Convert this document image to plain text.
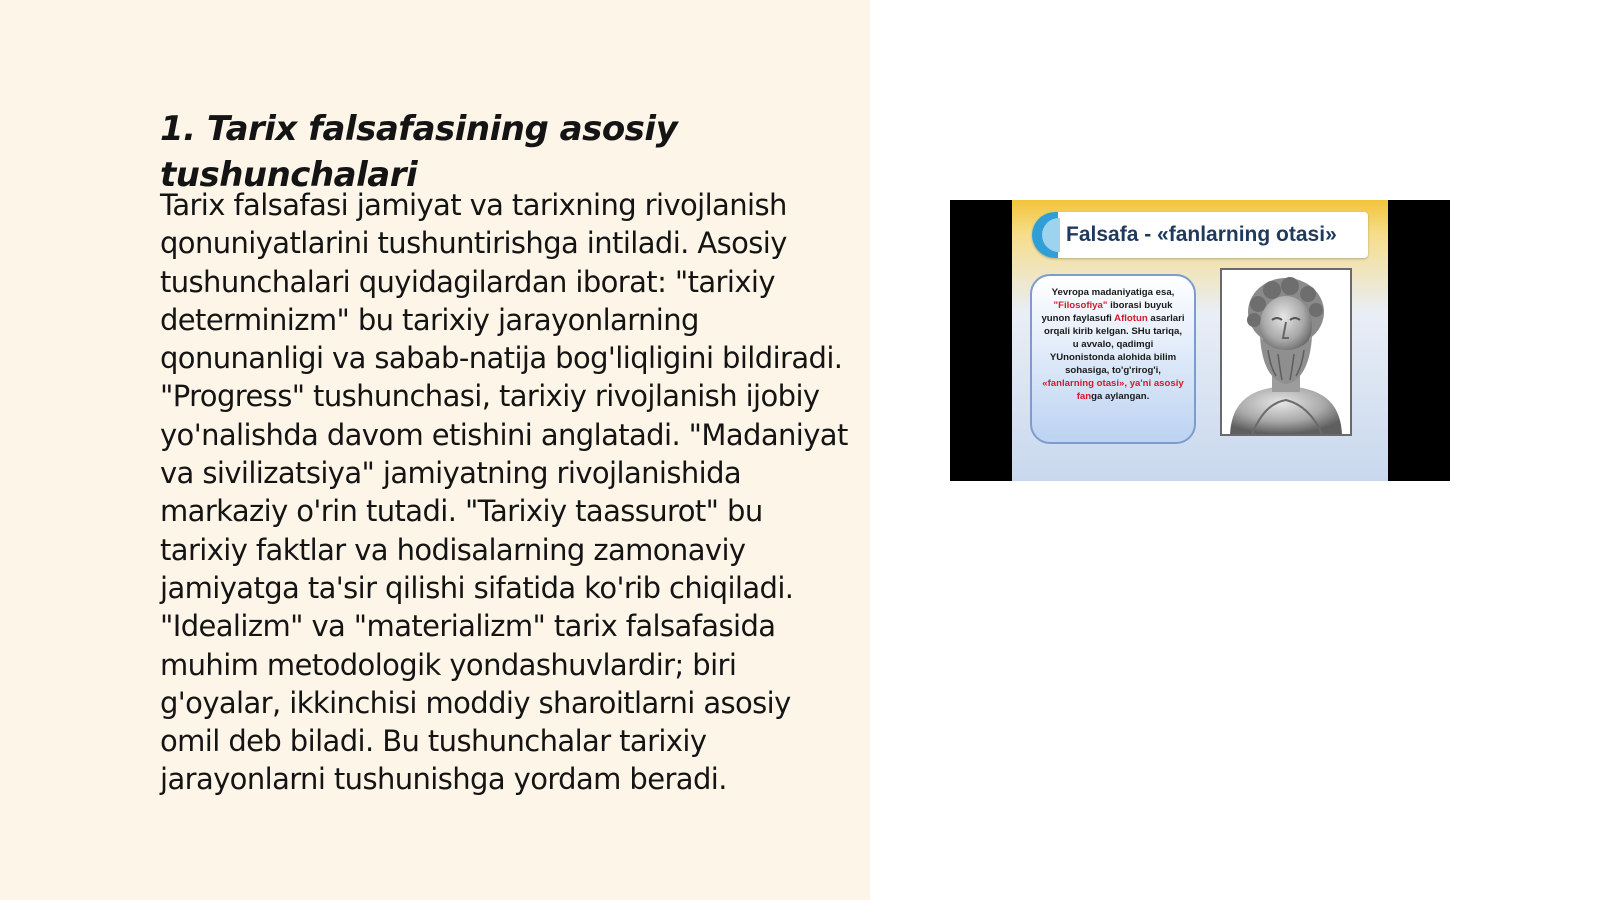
1. Tarix falsafasining asosiy tushunchalari

Tarix falsafasi jamiyat va tarixning rivojlanish qonuniyatlarini tushuntirishga intiladi. Asosiy tushunchalari quyidagilardan iborat: "tarixiy determinizm" bu tarixiy jarayonlarning qonunanligi va sabab-natija bog'liqligini bildiradi. "Progress" tushunchasi, tarixiy rivojlanish ijobiy yo'nalishda davom etishini anglatadi. "Madaniyat va sivilizatsiya" jamiyatning rivojlanishida markaziy o'rin tutadi. "Tarixiy taassurot" bu tarixiy faktlar va hodisalarning zamonaviy jamiyatga ta'sir qilishi sifatida ko'rib chiqiladi. "Idealizm" va "materializm" tarix falsafasida muhim metodologik yondashuvlardir; biri g'oyalar, ikkinchisi moddiy sharoitlarni asosiy omil deb biladi. Bu tushunchalar tarixiy jarayonlarni tushunishga yordam beradi.

Falsafa - «fanlarning otasi»
Yevropa madaniyatiga esa, "Filosofiya" iborasi buyuk yunon faylasufi Aflotun asarlari orqali kirib kelgan. SHu tariqa, u avvalo, qadimgi YUnonistonda alohida bilim sohasiga, to'g'rirog'i, «fanlarning otasi», ya'ni asosiy fanga aylangan.
